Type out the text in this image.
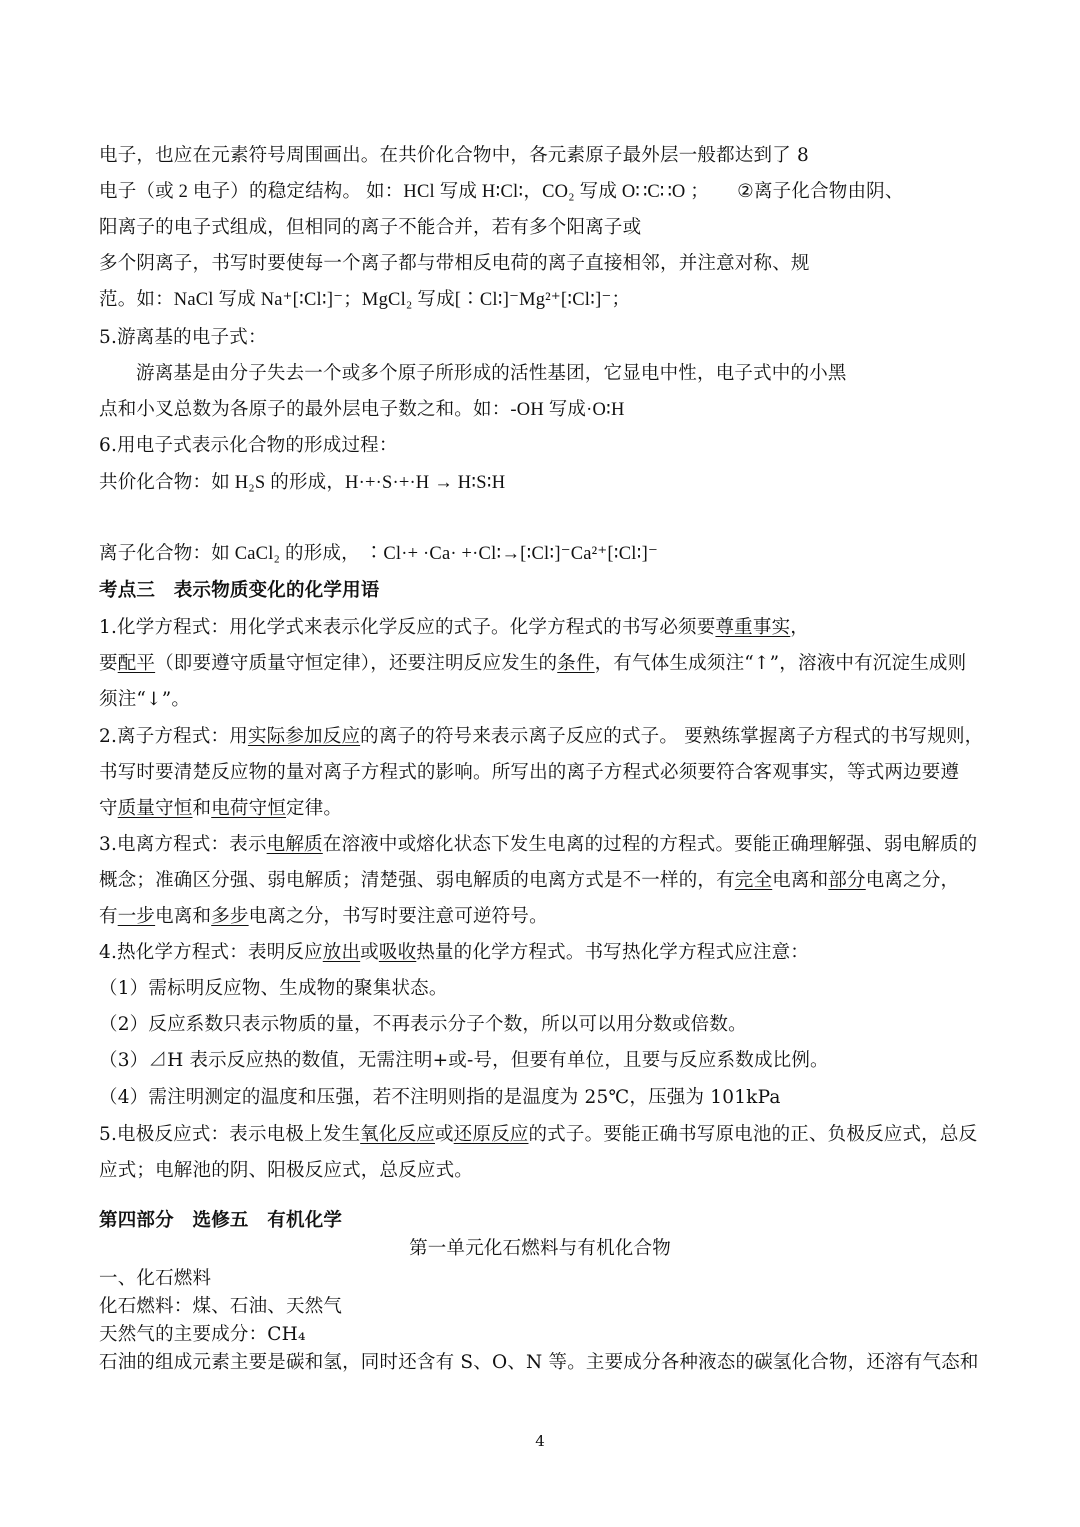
电子，也应在元素符号周围画出。在共价化合物中，各元素原子最外层一般都达到了 8

电子（或 2 电子）的稳定结构。 如：HCl 写成 H∶Cl∶，CO₂ 写成 O∷C∷O ；　　②离子化合物由阴、

阳离子的电子式组成，但相同的离子不能合并，若有多个阳离子或

多个阴离子，书写时要使每一个离子都与带相反电荷的离子直接相邻，并注意对称、规

范。如：NaCl 写成 Na⁺[∶Cl∶]⁻；MgCl₂ 写成[∶Cl∶]⁻Mg²⁺[∶Cl∶]⁻；

5.游离基的电子式：

游离基是由分子失去一个或多个原子所形成的活性基团，它显电中性，电子式中的小黑

点和小叉总数为各原子的最外层电子数之和。如：-OH 写成·O∶H

6.用电子式表示化合物的形成过程：

共价化合物：如 H₂S 的形成，H·+·S·+·H → H∶S∶H

离子化合物：如 CaCl₂ 的形成， ∶Cl·+ ·Ca· +·Cl∶→[∶Cl∶]⁻Ca²⁺[∶Cl∶]⁻

考点三　表示物质变化的化学用语

1.化学方程式：用化学式来表示化学反应的式子。化学方程式的书写必须要尊重事实，

要配平（即要遵守质量守恒定律），还要注明反应发生的条件，有气体生成须注“↑”，溶液中有沉淀生成则

须注“↓”。

2.离子方程式：用实际参加反应的离子的符号来表示离子反应的式子。 要熟练掌握离子方程式的书写规则，

书写时要清楚反应物的量对离子方程式的影响。所写出的离子方程式必须要符合客观事实，等式两边要遵

守质量守恒和电荷守恒定律。

3.电离方程式：表示电解质在溶液中或熔化状态下发生电离的过程的方程式。要能正确理解强、弱电解质的

概念；准确区分强、弱电解质；清楚强、弱电解质的电离方式是不一样的，有完全电离和部分电离之分，

有一步电离和多步电离之分，书写时要注意可逆符号。

4.热化学方程式：表明反应放出或吸收热量的化学方程式。书写热化学方程式应注意：

（1）需标明反应物、生成物的聚集状态。

（2）反应系数只表示物质的量，不再表示分子个数，所以可以用分数或倍数。

（3）⊿H 表示反应热的数值，无需注明+或-号，但要有单位，且要与反应系数成比例。

（4）需注明测定的温度和压强，若不注明则指的是温度为 25℃，压强为 101kPa

5.电极反应式：表示电极上发生氧化反应或还原反应的式子。要能正确书写原电池的正、负极反应式，总反

应式；电解池的阴、阳极反应式，总反应式。

第四部分　选修五　有机化学

第一单元化石燃料与有机化合物

一、化石燃料

化石燃料：煤、石油、天然气

天然气的主要成分：CH₄

石油的组成元素主要是碳和氢，同时还含有 S、O、N 等。主要成分各种液态的碳氢化合物，还溶有气态和

4
